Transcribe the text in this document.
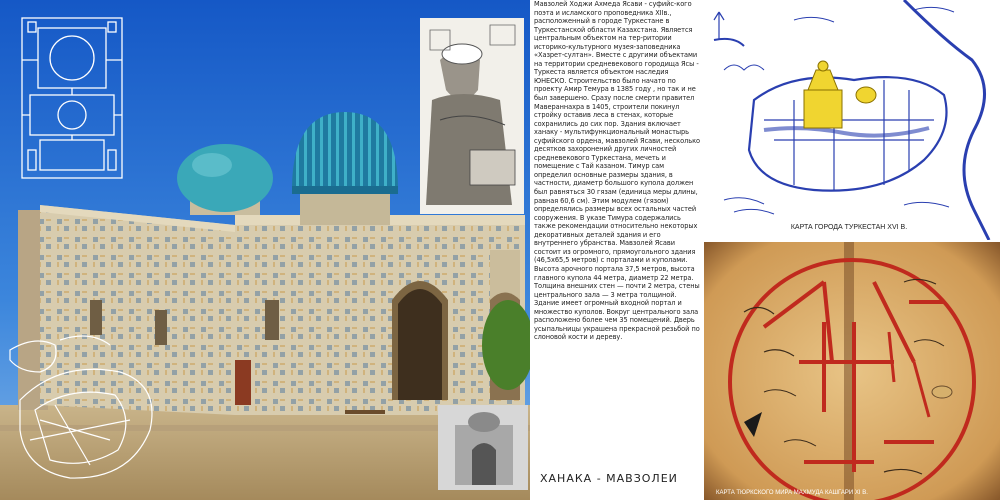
Мавзолей Ходжи Ахмеда Ясави - суфийс-кого поэта и исламского проповедника XIIв., расположенный в городе Туркестане в Туркестанской области Казахстана. Является центральным объектом на тер-ритории историко-культурного музея-заповедника «Хазрет-султан». Вместе с другими объектами на территории средневекового городища Ясы - Туркеста является объектом наследия ЮНЕСКО. Строительство было начато по проекту Амир Темура в 1385 году , но так и не был завершено. Сразу после смерти правител Мавераннахра в 1405, строители покинул стройку оставив леса в стенах, которые сохранились до сих пор. Здания включает ханаку - мультифункциональный монастырь суфийского ордена, мавзолей Ясави, несколько десятков захоронений других личностей средневекового Туркестана, мечеть и помещение с Тай казаном. Тимур сам определил основные размеры здания, в частности, диаметр большого купола должен был равняться 30 гязам (единица меры длины, равная 60,6 см). Этим модулем (гязом) определялись размеры всех остальных частей сооружения. В указе Тимура содержались также рекомендации относительно некоторых декоративных деталей здания и его внутреннего убранства. Мавзолей Ясави состоит из огромного, прямоугольного здания (46,5х65,5 метров) с порталами и куполами. Высота арочного портала 37,5 метров, высота главного купола 44 метра, диаметр 22 метра. Толщина внешних стен — почти 2 метра, стены центрального зала — 3 метра толщиной. Здание имеет огромный входной портал и множество куполов. Вокруг центрального зала расположено более чем 35 помещений. Дверь усыпальницы украшена прекрасной резьбой по слоновой кости и дереву.

ХАНАКА - МАВЗОЛЕИ
КАРТА ГОРОДА ТУРКЕСТАН XVI В.
КАРТА ТЮРКСКОГО МИРА МАХМУДА КАШГАРИ XI В.
